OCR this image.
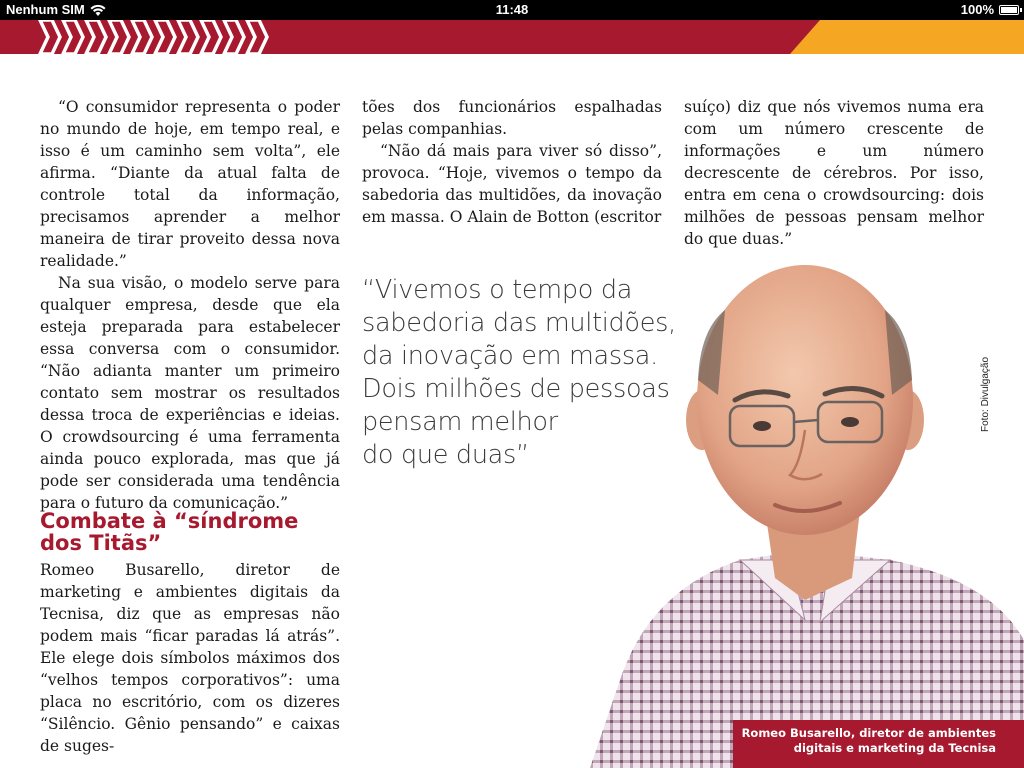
Nenhum SIM	11:48	100%

“O consumidor representa o poder no mundo de hoje, em tempo real, e isso é um caminho sem volta”, ele afirma. “Diante da atual falta de controle total da informação, precisamos aprender a melhor maneira de tirar proveito dessa nova realidade.”

Na sua visão, o modelo serve para qualquer empresa, desde que ela esteja preparada para estabelecer essa conversa com o consumidor. “Não adianta manter um primeiro contato sem mostrar os resultados dessa troca de experiências e ideias. O crowdsourcing é uma ferramenta ainda pouco explorada, mas que já pode ser considerada uma tendência para o futuro da comunicação.”

Combate à “síndrome dos Titãs”

Romeo Busarello, diretor de marketing e ambientes digitais da Tecnisa, diz que as empresas não podem mais “ficar paradas lá atrás”. Ele elege dois símbolos máximos dos “velhos tempos corporativos”: uma placa no escritório, com os dizeres “Silêncio. Gênio pensando” e caixas de suges-

tões dos funcionários espalhadas pelas companhias.

“Não dá mais para viver só disso”, provoca. “Hoje, vivemos o tempo da sabedoria das multidões, da inovação em massa. O Alain de Botton (escritor

suíço) diz que nós vivemos numa era com um número crescente de informações e um número decrescente de cérebros. Por isso, entra em cena o crowdsourcing: dois milhões de pessoas pensam melhor do que duas.”

“Vivemos o tempo da
sabedoria das multidões,
da inovação em massa.
Dois milhões de pessoas
pensam melhor
do que duas”
Foto: Divulgação
Romeo Busarello, diretor de ambientes
digitais e marketing da Tecnisa
